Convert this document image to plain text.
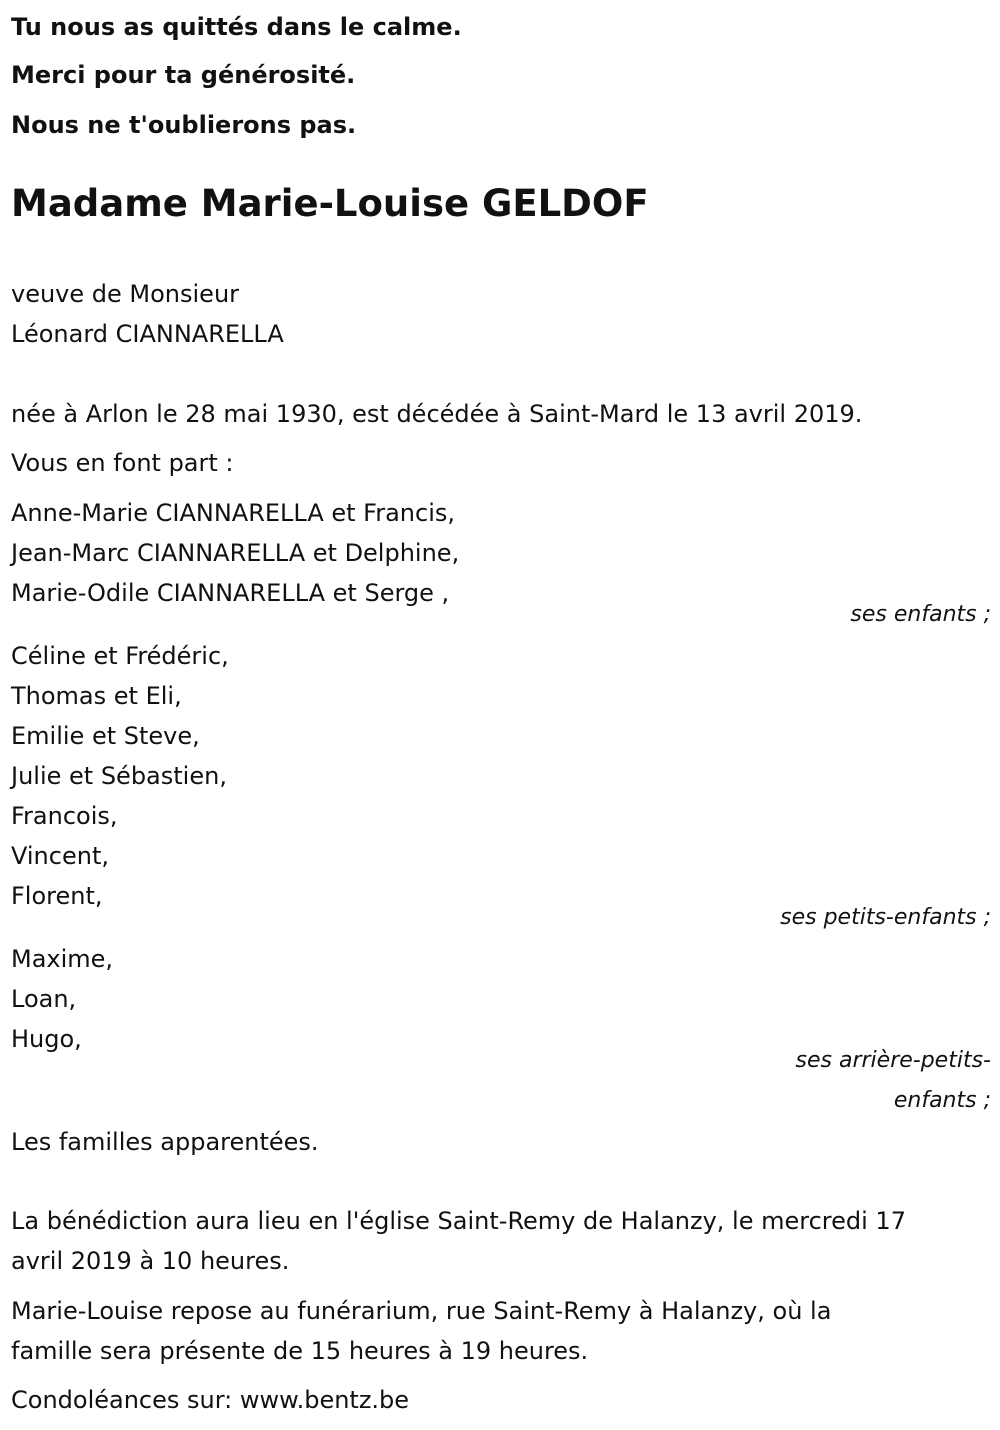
Tu nous as quittés dans le calme.
Merci pour ta générosité.
Nous ne t'oublierons pas.
Madame Marie-Louise GELDOF
veuve de Monsieur
Léonard CIANNARELLA
née à Arlon le 28 mai 1930, est décédée à Saint-Mard le 13 avril 2019.
Vous en font part :
Anne-Marie CIANNARELLA et Francis,
Jean-Marc CIANNARELLA et Delphine,
Marie-Odile CIANNARELLA et Serge ,
ses enfants ;
Céline et Frédéric,
Thomas et Eli,
Emilie et Steve,
Julie et Sébastien,
Francois,
Vincent,
Florent,
ses petits-enfants ;
Maxime,
Loan,
Hugo,
ses arrière-petits-
enfants ;
Les familles apparentées.
La bénédiction aura lieu en l'église Saint-Remy de Halanzy, le mercredi 17
avril 2019 à 10 heures.
Marie-Louise repose au funérarium, rue Saint-Remy à Halanzy, où la
famille sera présente de 15 heures à 19 heures.
Condoléances sur: www.bentz.be
